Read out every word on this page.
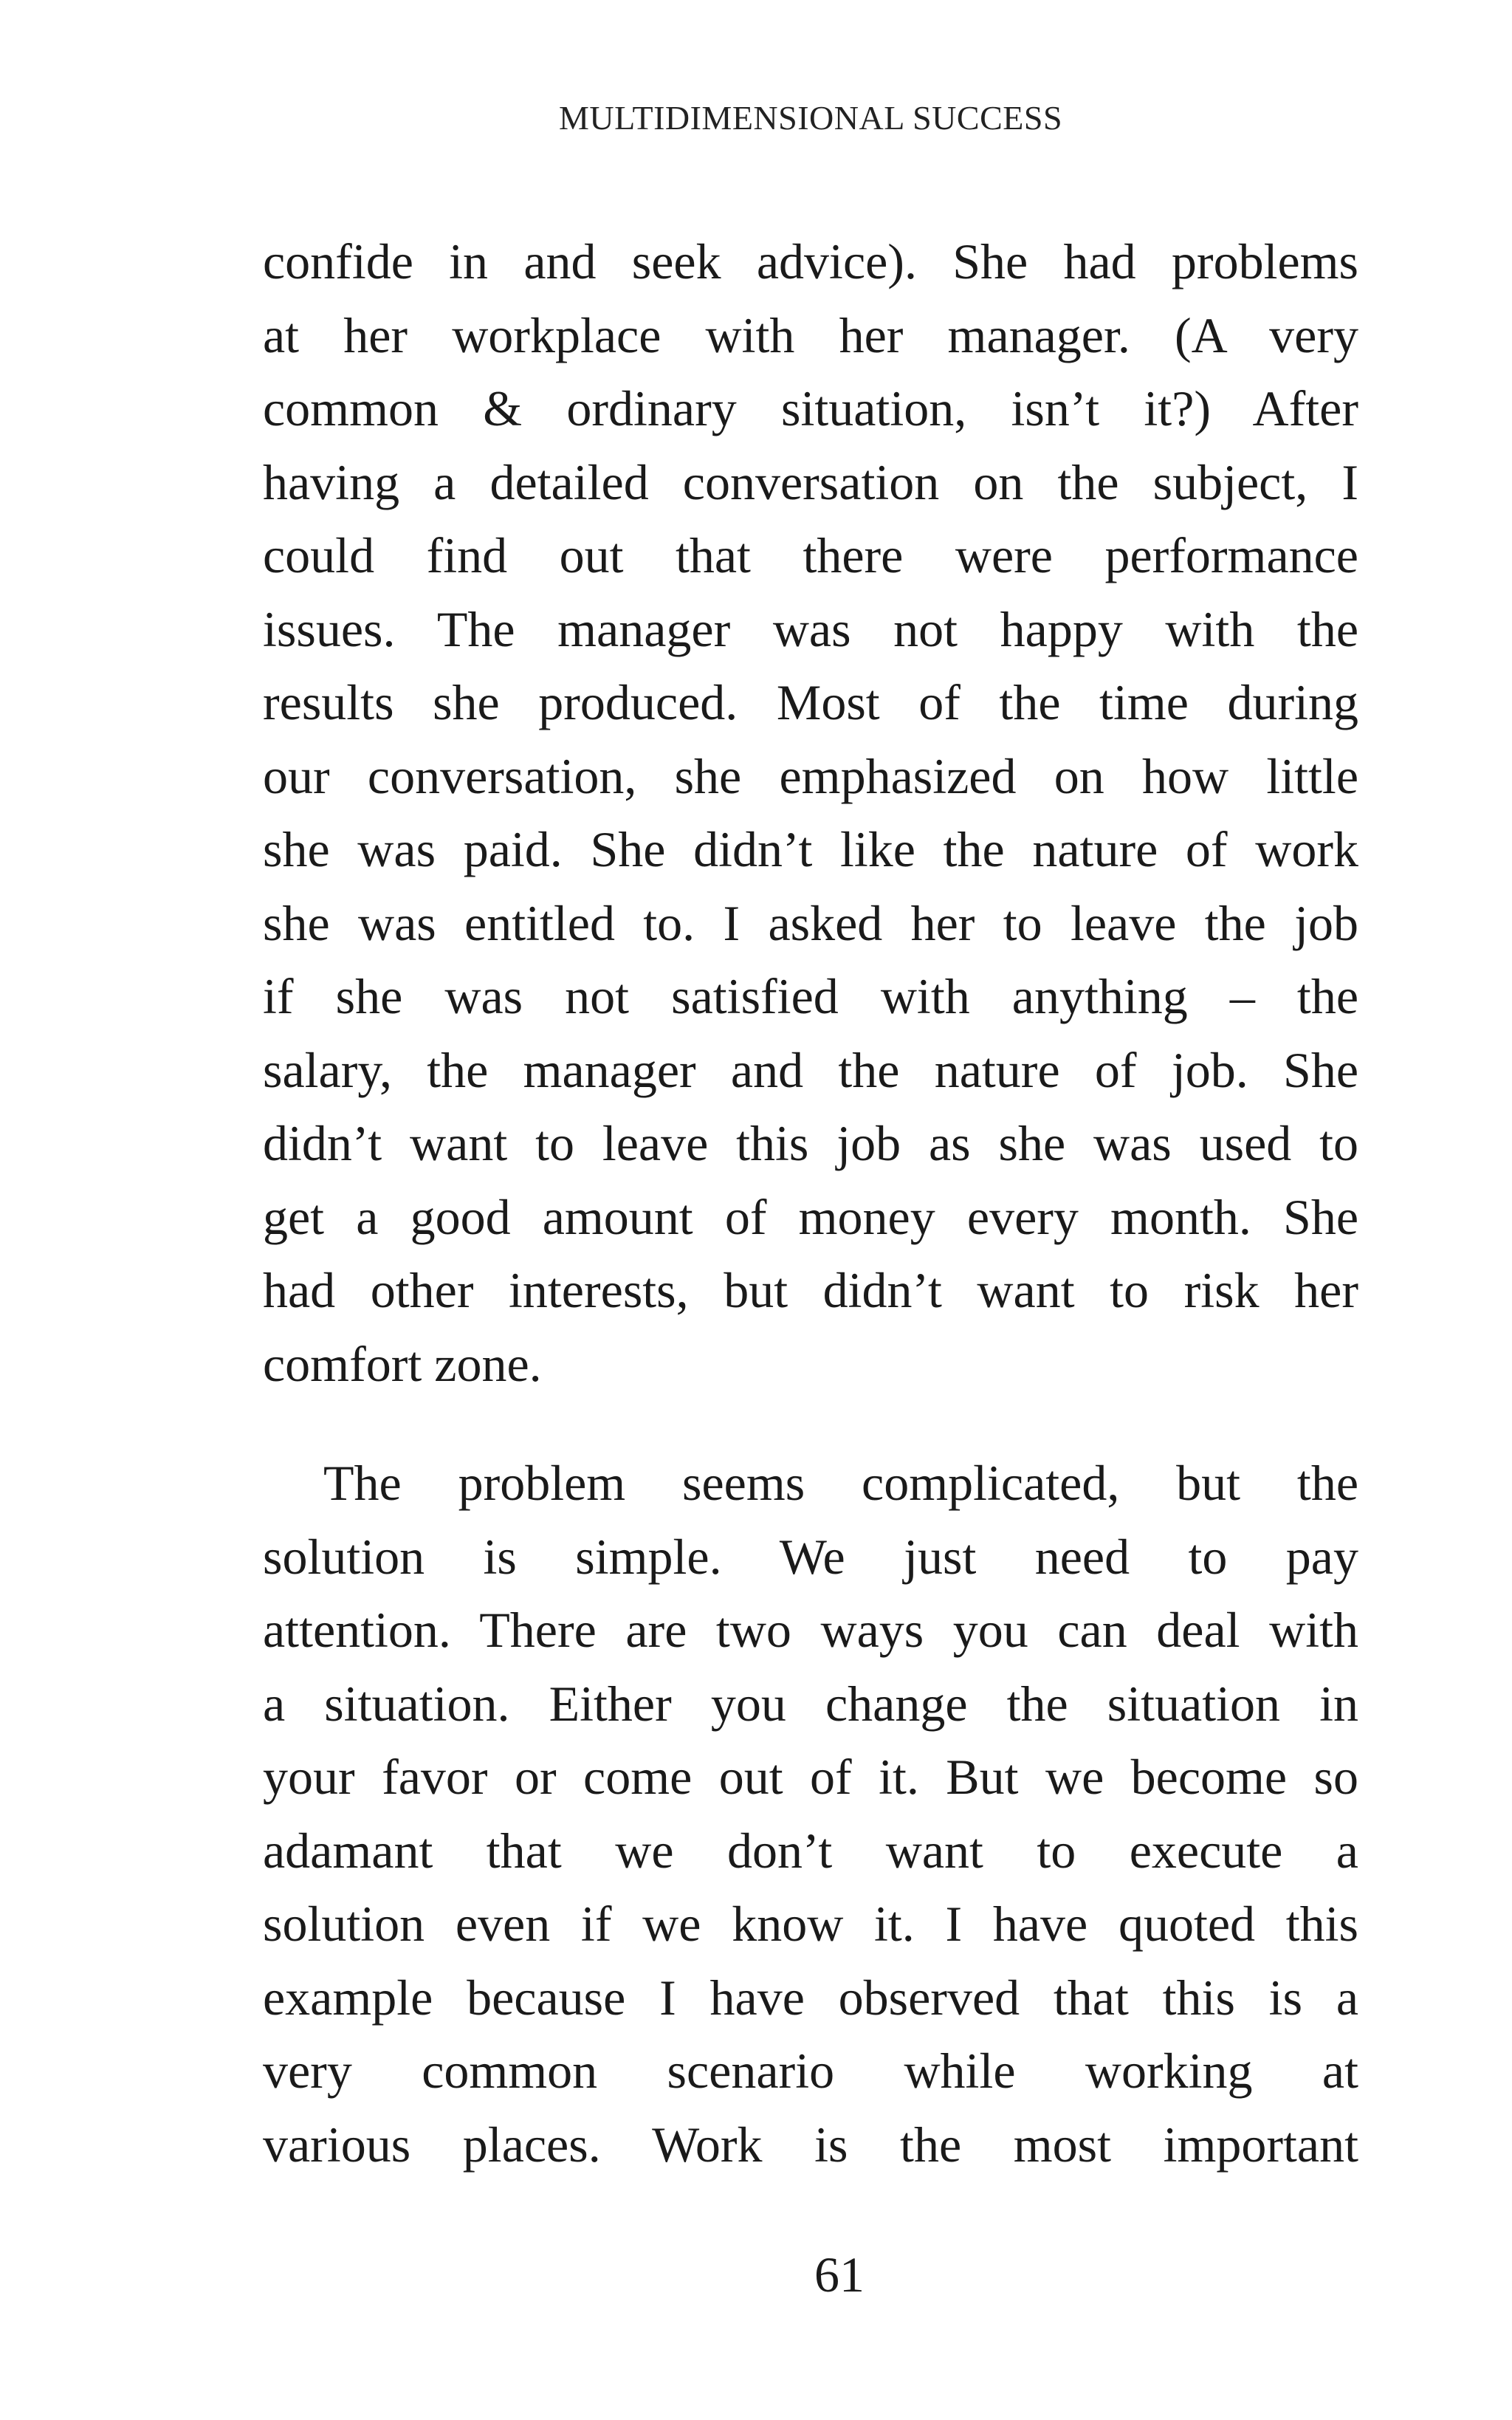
MULTIDIMENSIONAL SUCCESS
confide in and seek advice). She had problems
at her workplace with her manager. (A very
common & ordinary situation, isn’t it?) After
having a detailed conversation on the subject, I
could find out that there were performance
issues. The manager was not happy with the
results she produced. Most of the time during
our conversation, she emphasized on how little
she was paid. She didn’t like the nature of work
she was entitled to. I asked her to leave the job
if she was not satisfied with anything – the
salary, the manager and the nature of job. She
didn’t want to leave this job as she was used to
get a good amount of money every month. She
had other interests, but didn’t want to risk her
comfort zone.
The problem seems complicated, but the
solution is simple. We just need to pay
attention. There are two ways you can deal with
a situation. Either you change the situation in
your favor or come out of it. But we become so
adamant that we don’t want to execute a
solution even if we know it. I have quoted this
example because I have observed that this is a
very common scenario while working at
various places. Work is the most important
61
